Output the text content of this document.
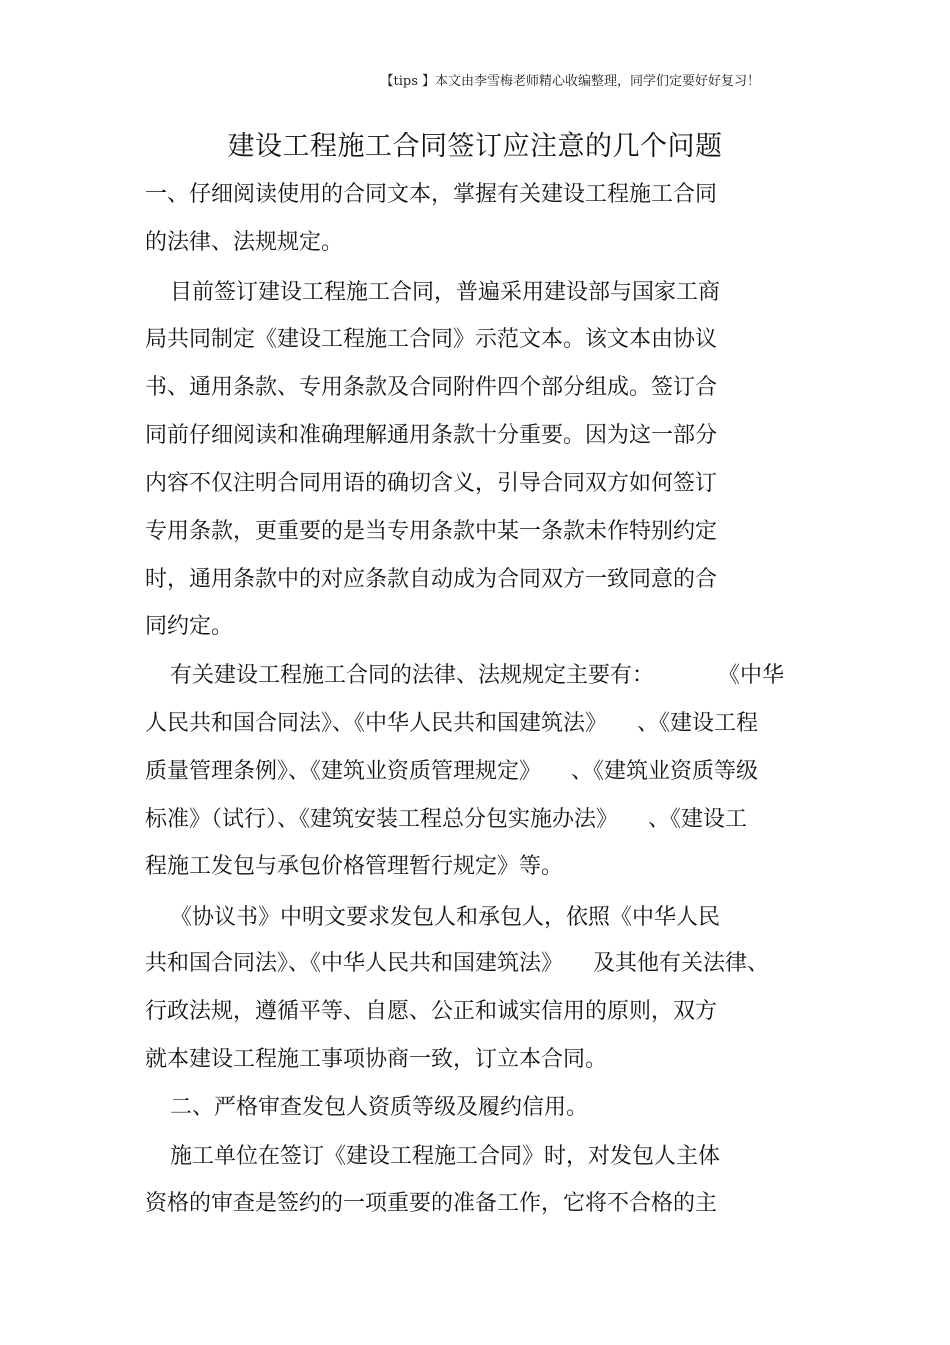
【tips 】本文由李雪梅老师精心收编整理，同学们定要好好复习！
建设工程施工合同签订应注意的几个问题

一、仔细阅读使用的合同文本，掌握有关建设工程施工合同

的法律、法规规定。

目前签订建设工程施工合同，普遍采用建设部与国家工商

局共同制定《建设工程施工合同》示范文本。该文本由协议

书、通用条款、专用条款及合同附件四个部分组成。签订合

同前仔细阅读和准确理解通用条款十分重要。因为这一部分

内容不仅注明合同用语的确切含义，引导合同双方如何签订

专用条款，更重要的是当专用条款中某一条款未作特别约定

时，通用条款中的对应条款自动成为合同双方一致同意的合

同约定。

有关建设工程施工合同的法律、法规规定主要有：	《中华

人民共和国合同法》、《中华人民共和国建筑法》 、《建设工程

质量管理条例》、《建筑业资质管理规定》 、《建筑业资质等级

标准》（试行）、《建筑安装工程总分包实施办法》 、《建设工

程施工发包与承包价格管理暂行规定》等。

《协议书》中明文要求发包人和承包人，依照《中华人民

共和国合同法》、《中华人民共和国建筑法》 及其他有关法律、

行政法规，遵循平等、自愿、公正和诚实信用的原则，双方

就本建设工程施工事项协商一致，订立本合同。

二、严格审查发包人资质等级及履约信用。

施工单位在签订《建设工程施工合同》时，对发包人主体

资格的审查是签约的一项重要的准备工作，它将不合格的主
